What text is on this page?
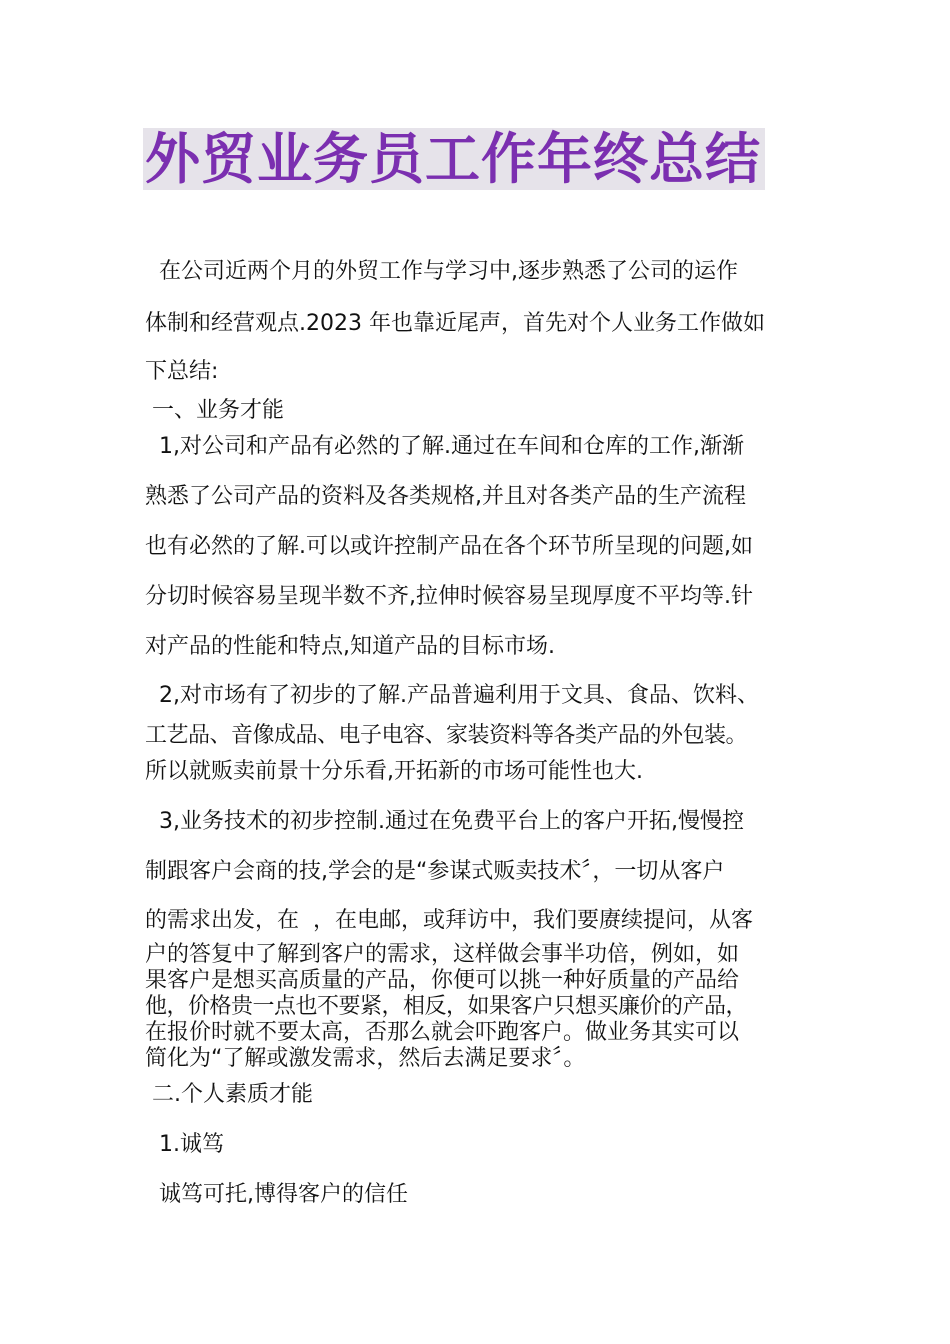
外贸业务员工作年终总结

在公司近两个月的外贸工作与学习中,逐步熟悉了公司的运作

体制和经营观点.2023 年也靠近尾声，首先对个人业务工作做如

下总结:

一、业务才能

1,对公司和产品有必然的了解.通过在车间和仓库的工作,渐渐

熟悉了公司产品的资料及各类规格,并且对各类产品的生产流程

也有必然的了解.可以或许控制产品在各个环节所呈现的问题,如

分切时候容易呈现半数不齐,拉伸时候容易呈现厚度不平均等.针

对产品的性能和特点,知道产品的目标市场.

2,对市场有了初步的了解.产品普遍利用于文具、食品、饮料、

工艺品、音像成品、电子电容、家装资料等各类产品的外包装。

所以就贩卖前景十分乐看,开拓新的市场可能性也大.

3,业务技术的初步控制.通过在免费平台上的客户开拓,慢慢控

制跟客户会商的技,学会的是“参谋式贩卖技术〞，一切从客户

的需求出发，在  ，在电邮，或拜访中，我们要赓续提问，从客

户的答复中了解到客户的需求，这样做会事半功倍，例如，如

果客户是想买高质量的产品，你便可以挑一种好质量的产品给

他，价格贵一点也不要紧，相反，如果客户只想买廉价的产品，

在报价时就不要太高，否那么就会吓跑客户。做业务其实可以

简化为“了解或激发需求，然后去满足要求〞。

二.个人素质才能

1.诚笃

诚笃可托,博得客户的信任
